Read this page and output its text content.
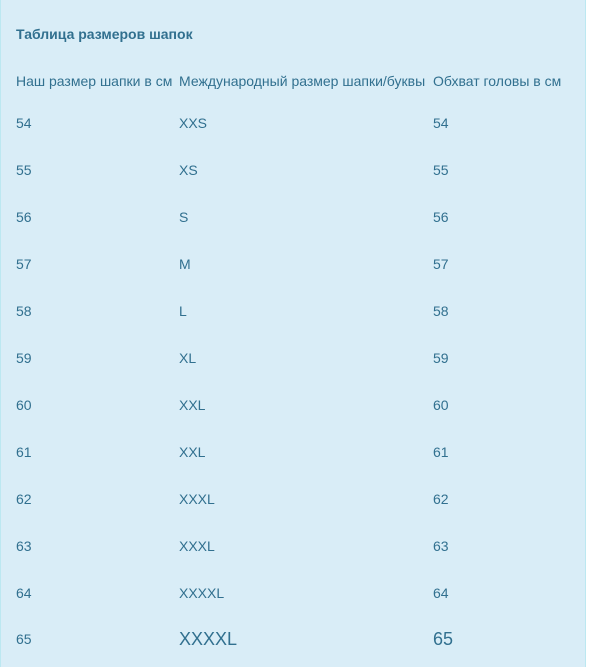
Таблица размеров шапок
Наш размер шапки в см	Международный размер шапки/буквы	Обхват головы в см
54	XXS	54
55	XS	55
56	S	56
57	M	57
58	L	58
59	XL	59
60	XXL	60
61	XXL	61
62	XXXL	62
63	XXXL	63
64	XXXXL	64
65	XXXXL	65
